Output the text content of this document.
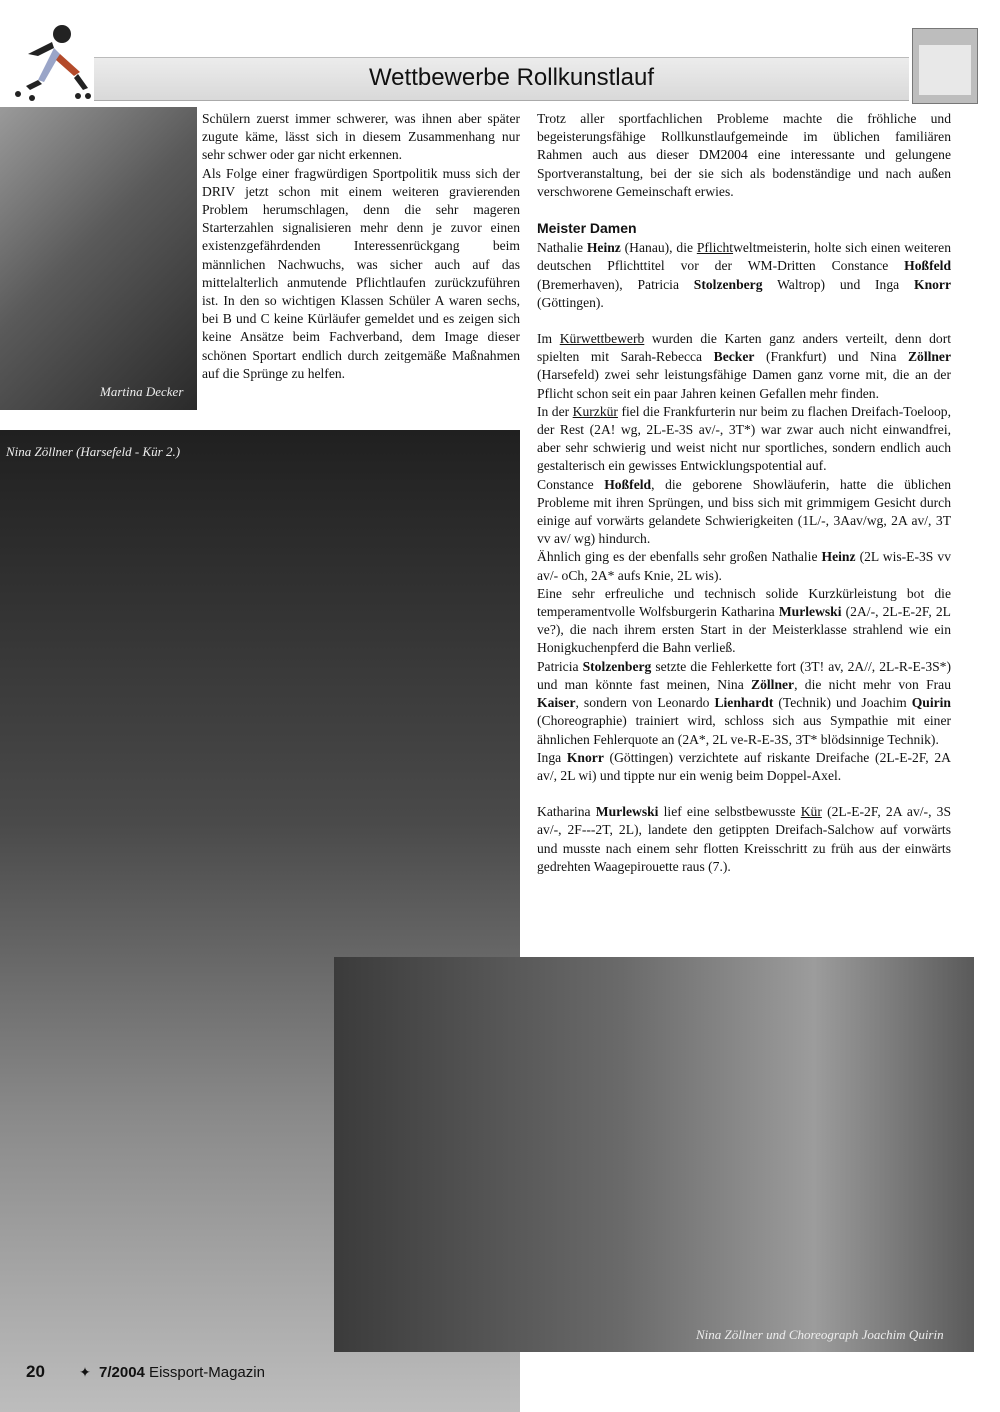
Wettbewerbe Rollkunstlauf
Martina Decker
Nina Zöllner (Harsefeld - Kür 2.)
Nina Zöllner und Choreograph Joachim Quirin

Schülern zuerst immer schwerer, was ihnen aber später zugute käme, lässt sich in diesem Zusammenhang nur sehr schwer oder gar nicht erkennen.

Als Folge einer fragwürdigen Sportpolitik muss sich der DRIV jetzt schon mit einem weiteren gravierenden Problem herumschlagen, denn die sehr mageren Starterzahlen signalisieren mehr denn je zuvor einen existenzgefährdenden Interessenrückgang beim männlichen Nachwuchs, was sicher auch auf das mittelalterlich anmutende Pflichtlaufen zurückzuführen ist. In den so wichtigen Klassen Schüler A waren sechs, bei B und C keine Kürläufer gemeldet und es zeigen sich keine Ansätze beim Fachverband, dem Image dieser schönen Sportart endlich durch zeitgemäße Maßnahmen auf die Sprünge zu helfen.

Trotz aller sportfachlichen Probleme machte die fröhliche und begeisterungsfähige Rollkunstlaufgemeinde im üblichen familiären Rahmen auch aus dieser DM2004 eine interessante und gelungene Sportveranstaltung, bei der sie sich als bodenständige und nach außen verschworene Gemeinschaft erwies.

Meister Damen

Nathalie Heinz (Hanau), die Pflichtweltmeisterin, holte sich einen weiteren deutschen Pflichttitel vor der WM-Dritten Constance Hoßfeld (Bremerhaven), Patricia Stolzenberg Waltrop) und Inga Knorr (Göttingen).

Im Kürwettbewerb wurden die Karten ganz anders verteilt, denn dort spielten mit Sarah-Rebecca Becker (Frankfurt) und Nina Zöllner (Harsefeld) zwei sehr leistungsfähige Damen ganz vorne mit, die an der Pflicht schon seit ein paar Jahren keinen Gefallen mehr finden.

In der Kurzkür fiel die Frankfurterin nur beim zu flachen Dreifach-Toeloop, der Rest (2A! wg, 2L-E-3S av/-, 3T*) war zwar auch nicht einwandfrei, aber sehr schwierig und weist nicht nur sportliches, sondern endlich auch gestalterisch ein gewisses Entwicklungspotential auf.

Constance Hoßfeld, die geborene Showläuferin, hatte die üblichen Probleme mit ihren Sprüngen, und biss sich mit grimmigem Gesicht durch einige auf vorwärts gelandete Schwierigkeiten (1L/-, 3Aav/wg, 2A av/, 3T vv av/ wg) hindurch.

Ähnlich ging es der ebenfalls sehr großen Nathalie Heinz (2L wis-E-3S vv av/- oCh, 2A* aufs Knie, 2L wis).

Eine sehr erfreuliche und technisch solide Kurzkürleistung bot die temperamentvolle Wolfsburgerin Katharina Murlewski (2A/-, 2L-E-2F, 2L ve?), die nach ihrem ersten Start in der Meisterklasse strahlend wie ein Honigkuchenpferd die Bahn verließ.

Patricia Stolzenberg setzte die Fehlerkette fort (3T! av, 2A//, 2L-R-E-3S*) und man könnte fast meinen, Nina Zöllner, die nicht mehr von Frau Kaiser, sondern von Leonardo Lienhardt (Technik) und Joachim Quirin (Choreographie) trainiert wird, schloss sich aus Sympathie mit einer ähnlichen Fehlerquote an (2A*, 2L ve-R-E-3S, 3T* blödsinnige Technik).

Inga Knorr (Göttingen) verzichtete auf riskante Dreifache (2L-E-2F, 2A av/, 2L wi) und tippte nur ein wenig beim Doppel-Axel.

Katharina Murlewski lief eine selbstbewusste Kür (2L-E-2F, 2A av/-, 3S av/-, 2F---2T, 2L), landete den getippten Dreifach-Salchow auf vorwärts und musste nach einem sehr flotten Kreisschritt zu früh aus der einwärts gedrehten Waagepirouette raus (7.).

20 ✦ 7/2004 Eissport-Magazin
